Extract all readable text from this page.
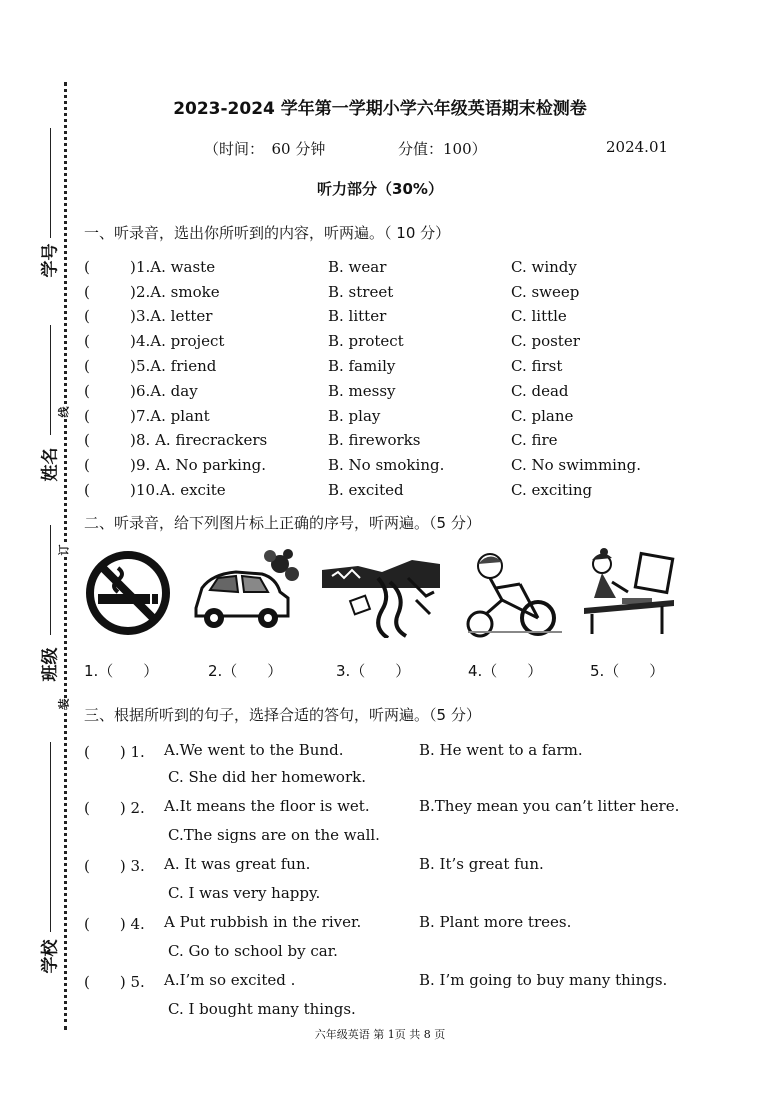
学号
姓名
班级
学校
线
订
装
2023-2024 学年第一学期小学六年级英语期末检测卷
（时间：　60 分钟	分值：100）	2024.01
听力部分（30%）
一、听录音，选出你所听到的内容，听两遍。（ 10 分）
(	) 1.A. waste	B. wear	C. windy
(	) 2.A. smoke	B. street	C. sweep
(	) 3.A. letter	B. litter	C. little
(	) 4.A. project	B. protect	C. poster
(	) 5.A. friend	B. family	C. first
(	) 6.A. day	B. messy	C. dead
(	) 7.A. plant	B. play	C. plane
(	) 8. A. firecrackers	B. fireworks	C. fire
(	) 9. A. No parking.	B. No smoking.	C. No swimming.
(	) 10.A. excite	B. excited	C. exciting
二、听录音，给下列图片标上正确的序号，听两遍。（5 分）
1.（　　）	2.（　　）	3.（　　）	4.（　　）	5.（　　）
三、根据所听到的句子，选择合适的答句，听两遍。（5 分）
(　　) 1. A.We went to the Bund.	B. He went to a farm.
C. She did her homework.
(　　) 2. A.It means the floor is wet.	B.They mean you can’t litter here.
C.The signs are on the wall.
(　　) 3. A. It was great fun.	B. It’s great fun.
C. I was very happy.
(　　) 4. A Put rubbish in the river.	B. Plant more trees.
C. Go to school by car.
(　　) 5. A.I’m so excited .	B. I’m going to buy many things.
C. I bought many things.
六年级英语 第 1页 共 8 页
